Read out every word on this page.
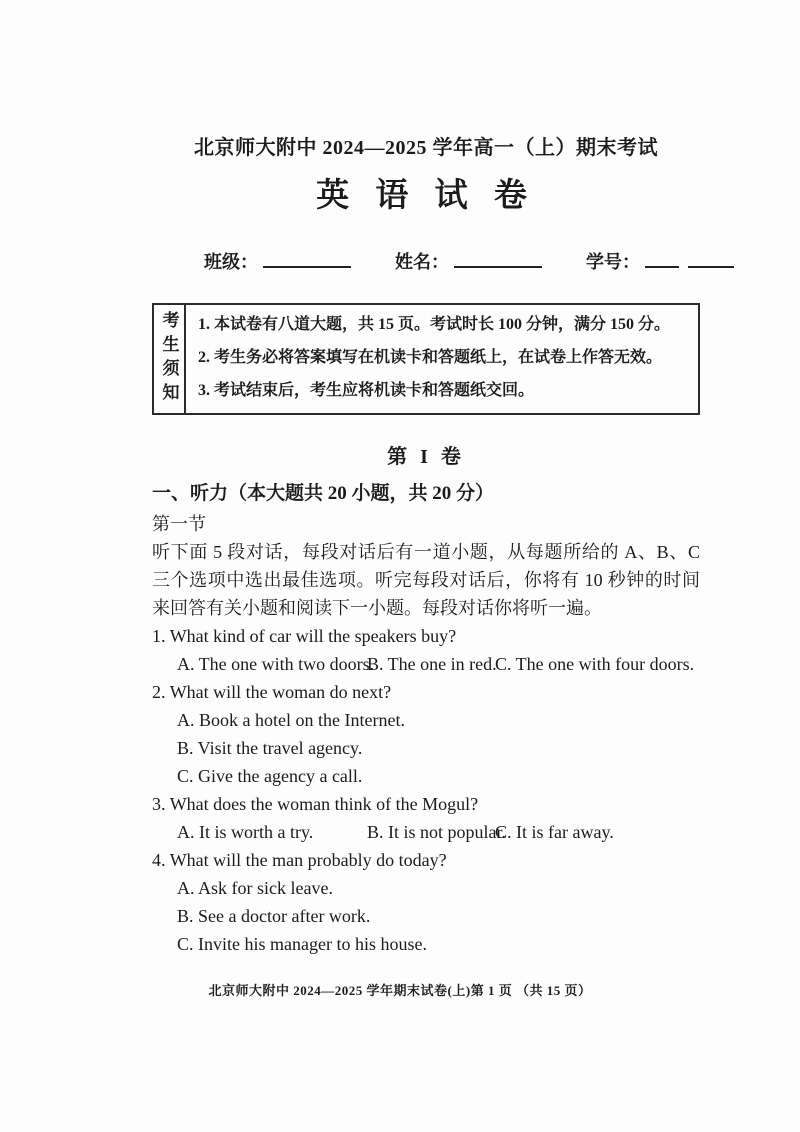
北京师大附中 2024—2025 学年高一（上）期末考试
英 语 试 卷
班级：	姓名：	学号：
考生须知	1. 本试卷有八道大题，共 15 页。考试时长 100 分钟，满分 150 分。
2. 考生务必将答案填写在机读卡和答题纸上，在试卷上作答无效。
3. 考试结束后，考生应将机读卡和答题纸交回。
第 I 卷
一、听力（本大题共 20 小题，共 20 分）
第一节

听下面 5 段对话，每段对话后有一道小题，从每题所给的 A、B、C 三个选项中选出最佳选项。听完每段对话后，你将有 10 秒钟的时间来回答有关小题和阅读下一小题。每段对话你将听一遍。

1. What kind of car will the speakers buy?
A. The one with two doors.
B. The one in red.
C. The one with four doors.
2. What will the woman do next?
A. Book a hotel on the Internet.
B. Visit the travel agency.
C. Give the agency a call.
3. What does the woman think of the Mogul?
A. It is worth a try.	B. It is not popular.
C. It is far away.
4. What will the man probably do today?
A. Ask for sick leave.
B. See a doctor after work.
C. Invite his manager to his house.
北京师大附中 2024—2025 学年期末试卷(上)第 1 页 （共 15 页）
